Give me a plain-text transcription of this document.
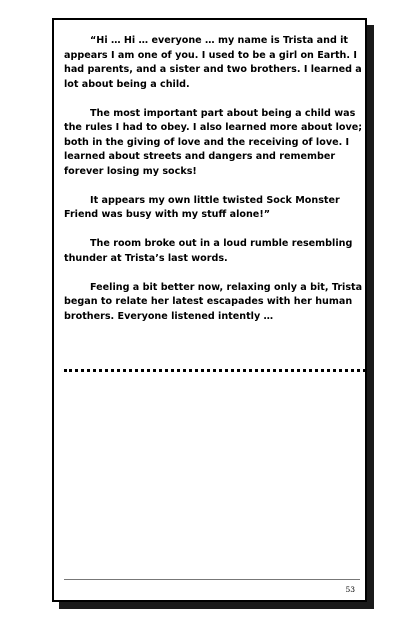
“Hi … Hi … everyone … my name is Trista and it appears I am one of you. I used to be a girl on Earth. I had parents, and a sister and two brothers. I learned a lot about being a child.

The most important part about being a child was the rules I had to obey. I also learned more about love; both in the giving of love and the receiving of love. I learned about streets and dangers and remember forever losing my socks!

It appears my own little twisted Sock Monster Friend was busy with my stuff alone!”

The room broke out in a loud rumble resembling thunder at Trista’s last words.

Feeling a bit better now, relaxing only a bit, Trista began to relate her latest escapades with her human brothers. Everyone listened intently …

53
